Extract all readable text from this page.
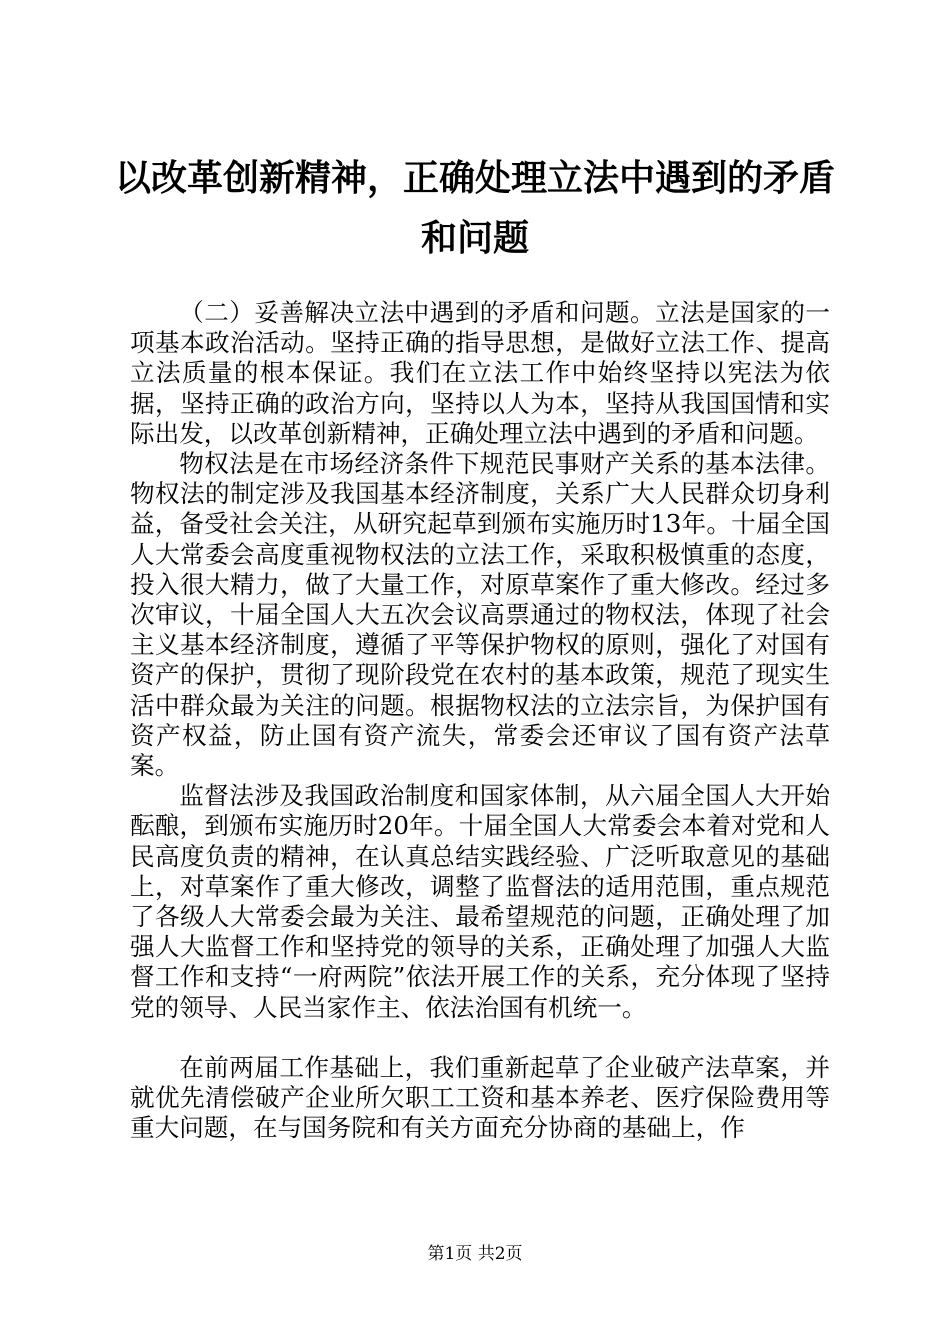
以改革创新精神，正确处理立法中遇到的矛盾
和问题

（二）妥善解决立法中遇到的矛盾和问题。立法是国家的一项基本政治活动。坚持正确的指导思想，是做好立法工作、提高立法质量的根本保证。我们在立法工作中始终坚持以宪法为依据，坚持正确的政治方向，坚持以人为本，坚持从我国国情和实际出发，以改革创新精神，正确处理立法中遇到的矛盾和问题。

物权法是在市场经济条件下规范民事财产关系的基本法律。物权法的制定涉及我国基本经济制度，关系广大人民群众切身利益，备受社会关注，从研究起草到颁布实施历时13年。十届全国人大常委会高度重视物权法的立法工作，采取积极慎重的态度，投入很大精力，做了大量工作，对原草案作了重大修改。经过多次审议，十届全国人大五次会议高票通过的物权法，体现了社会主义基本经济制度，遵循了平等保护物权的原则，强化了对国有资产的保护，贯彻了现阶段党在农村的基本政策，规范了现实生活中群众最为关注的问题。根据物权法的立法宗旨，为保护国有资产权益，防止国有资产流失，常委会还审议了国有资产法草案。

监督法涉及我国政治制度和国家体制，从六届全国人大开始酝酿，到颁布实施历时20年。十届全国人大常委会本着对党和人民高度负责的精神，在认真总结实践经验、广泛听取意见的基础上，对草案作了重大修改，调整了监督法的适用范围，重点规范了各级人大常委会最为关注、最希望规范的问题，正确处理了加强人大监督工作和坚持党的领导的关系，正确处理了加强人大监督工作和支持“一府两院”依法开展工作的关系，充分体现了坚持党的领导、人民当家作主、依法治国有机统一。

在前两届工作基础上，我们重新起草了企业破产法草案，并就优先清偿破产企业所欠职工工资和基本养老、医疗保险费用等重大问题，在与国务院和有关方面充分协商的基础上，作

第1页 共2页
